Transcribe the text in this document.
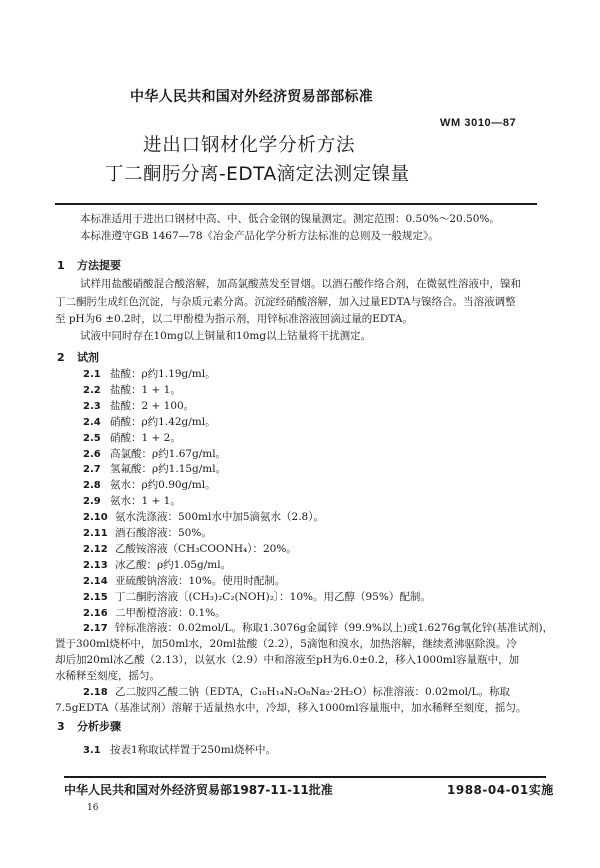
中华人民共和国对外经济贸易部部标准
WM 3010—87
进出口钢材化学分析方法
丁二酮肟分离-EDTA滴定法测定镍量
本标准适用于进出口钢材中高、中、低合金钢的镍量测定。测定范围：0.50%～20.50%。
本标准遵守GB 1467—78《冶金产品化学分析方法标准的总则及一般规定》。
1 方法提要
试样用盐酸硝酸混合酸溶解，加高氯酸蒸发至冒烟。以酒石酸作络合剂，在微氨性溶液中，镍和
丁二酮肟生成红色沉淀，与杂质元素分离。沉淀经硝酸溶解，加入过量EDTA与镍络合。当溶液调整
至 pH为6 ±0.2时，以二甲酚橙为指示剂，用锌标准溶液回滴过量的EDTA。
试液中同时存在10mg以上铜量和10mg以上钴量将干扰测定。
2 试剂
2.1 盐酸：ρ约1.19g/ml。
2.2 盐酸：1 + 1。
2.3 盐酸：2 + 100。
2.4 硝酸：ρ约1.42g/ml。
2.5 硝酸：1 + 2。
2.6 高氯酸：ρ约1.67g/ml。
2.7 氢氟酸：ρ约1.15g/ml。
2.8 氨水：ρ约0.90g/ml。
2.9 氨水：1 + 1。
2.10 氨水洗涤液：500ml水中加5滴氨水（2.8）。
2.11 酒石酸溶液：50%。
2.12 乙酸铵溶液（CH₃COONH₄）：20%。
2.13 冰乙酸：ρ约1.05g/ml。
2.14 亚硫酸钠溶液：10%。使用时配制。
2.15 丁二酮肟溶液〔(CH₃)₂C₂(NOH)₂〕：10%。用乙醇（95%）配制。
2.16 二甲酚橙溶液：0.1%。
2.17 锌标准溶液：0.02mol/L。称取1.3076g金属锌（99.9%以上)或1.6276g氧化锌(基准试剂)，
置于300ml烧杯中，加50ml水，20ml盐酸（2.2），5滴饱和溴水，加热溶解，继续煮沸驱除溴。冷
却后加20ml冰乙酸（2.13），以氨水（2.9）中和溶液至pH为6.0±0.2，移入1000ml容量瓶中，加
水稀释至刻度，摇匀。
2.18 乙二胺四乙酸二钠（EDTA，C₁₀H₁₄N₂O₈Na₂·2H₂O）标准溶液：0.02mol/L。称取
7.5gEDTA（基准试剂）溶解于适量热水中，冷却，移入1000ml容量瓶中，加水稀释至刻度，摇匀。
3 分析步骤
3.1 按表1称取试样置于250ml烧杯中。
中华人民共和国对外经济贸易部1987-11-11批准	1988-04-01实施
16
